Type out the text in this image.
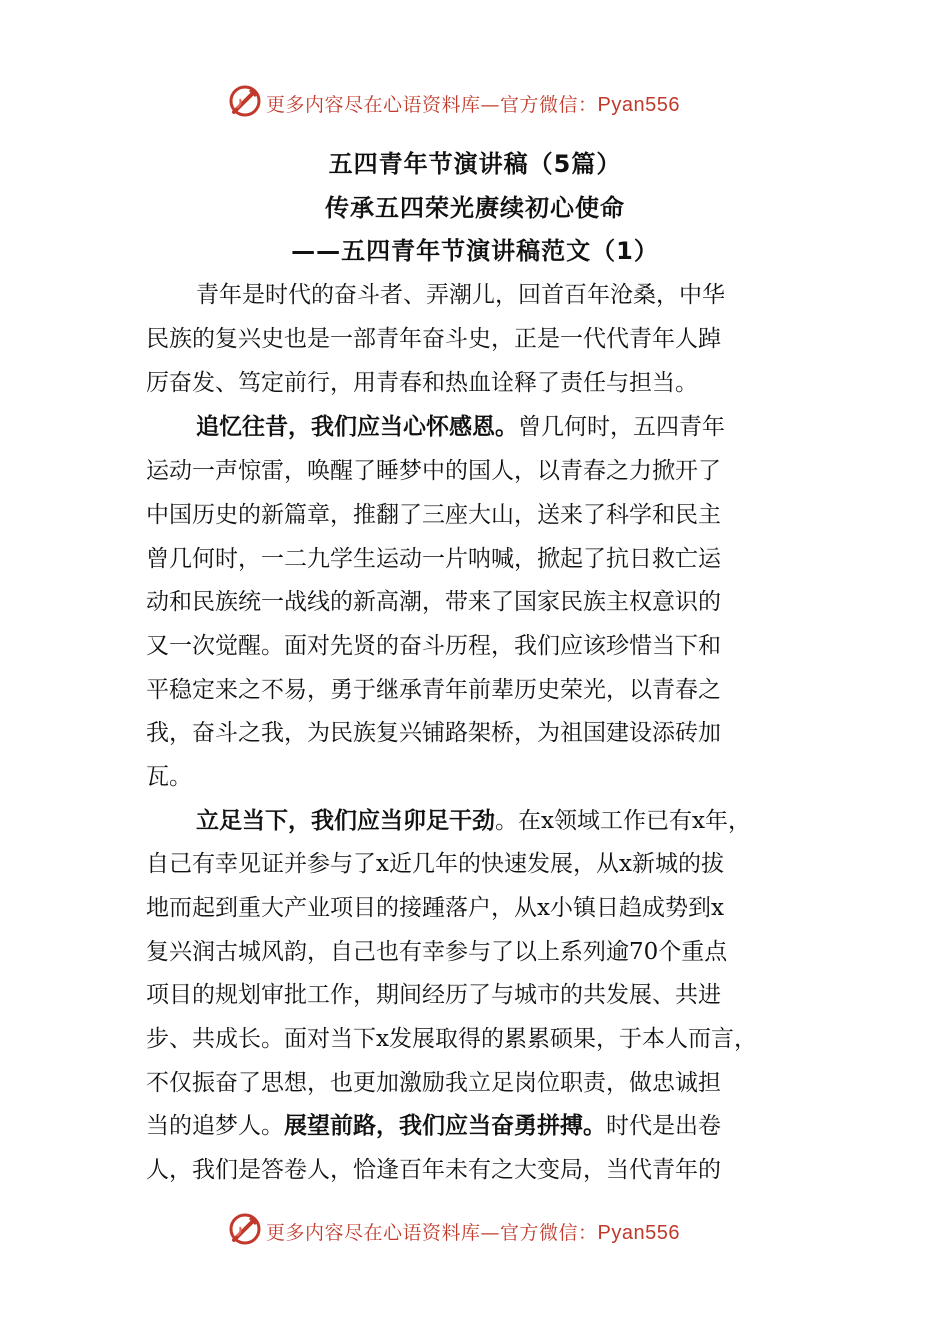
更多内容尽在心语资料库—官方微信：Pyan556
五四青年节演讲稿（5篇）
传承五四荣光赓续初心使命
——五四青年节演讲稿范文（1）
青年是时代的奋斗者、弄潮儿，回首百年沧桑，中华
民族的复兴史也是一部青年奋斗史，正是一代代青年人踔
厉奋发、笃定前行，用青春和热血诠释了责任与担当。
追忆往昔，我们应当心怀感恩。曾几何时，五四青年
运动一声惊雷，唤醒了睡梦中的国人，以青春之力掀开了
中国历史的新篇章，推翻了三座大山，送来了科学和民主
曾几何时，一二九学生运动一片呐喊，掀起了抗日救亡运
动和民族统一战线的新高潮，带来了国家民族主权意识的
又一次觉醒。面对先贤的奋斗历程，我们应该珍惜当下和
平稳定来之不易，勇于继承青年前辈历史荣光，以青春之
我，奋斗之我，为民族复兴铺路架桥，为祖国建设添砖加
瓦。
立足当下，我们应当卯足干劲。在x领域工作已有x年，
自己有幸见证并参与了x近几年的快速发展，从x新城的拔
地而起到重大产业项目的接踵落户，从x小镇日趋成势到x
复兴润古城风韵，自己也有幸参与了以上系列逾70个重点
项目的规划审批工作，期间经历了与城市的共发展、共进
步、共成长。面对当下x发展取得的累累硕果，于本人而言，
不仅振奋了思想，也更加激励我立足岗位职责，做忠诚担
当的追梦人。展望前路，我们应当奋勇拼搏。时代是出卷
人，我们是答卷人，恰逢百年未有之大变局，当代青年的
更多内容尽在心语资料库—官方微信：Pyan556
